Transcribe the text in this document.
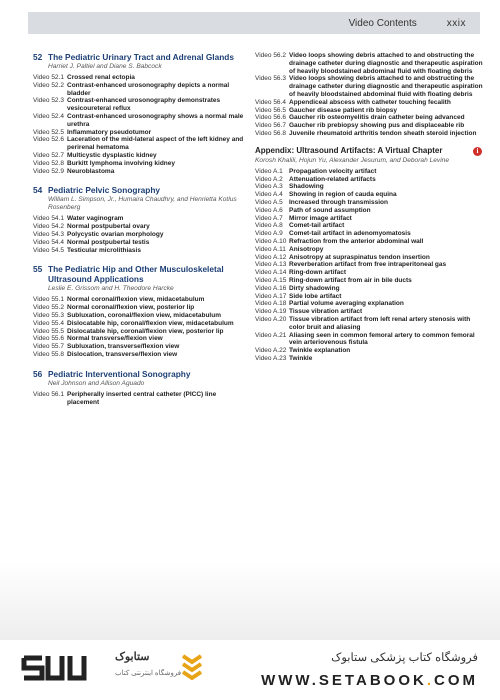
Video Contents	xxix
52 The Pediatric Urinary Tract and Adrenal Glands
Harriet J. Paltiel and Diane S. Babcock
Video 52.1 Crossed renal ectopia
Video 52.2 Contrast-enhanced urosonography depicts a normal bladder
Video 52.3 Contrast-enhanced urosonography demonstrates vesicoureteral reflux
Video 52.4 Contrast-enhanced urosonography shows a normal male urethra
Video 52.5 Inflammatory pseudotumor
Video 52.6 Laceration of the mid-lateral aspect of the left kidney and perirenal hematoma
Video 52.7 Multicystic dysplastic kidney
Video 52.8 Burkitt lymphoma involving kidney
Video 52.9 Neuroblastoma
54 Pediatric Pelvic Sonography
William L. Simpson, Jr., Humaira Chaudhry, and Henrietta Kotlus Rosenberg
Video 54.1 Water vaginogram
Video 54.2 Normal postpubertal ovary
Video 54.3 Polycystic ovarian morphology
Video 54.4 Normal postpubertal testis
Video 54.5 Testicular microlithiasis
55 The Pediatric Hip and Other Musculoskeletal Ultrasound Applications
Leslie E. Grissom and H. Theodore Harcke
Video 55.1 Normal coronal/flexion view, midacetabulum
Video 55.2 Normal coronal/flexion view, posterior lip
Video 55.3 Subluxation, coronal/flexion view, midacetabulum
Video 55.4 Dislocatable hip, coronal/flexion view, midacetabulum
Video 55.5 Dislocatable hip, coronal/flexion view, posterior lip
Video 55.6 Normal transverse/flexion view
Video 55.7 Subluxation, transverse/flexion view
Video 55.8 Dislocation, transverse/flexion view
56 Pediatric Interventional Sonography
Neil Johnson and Allison Aguado
Video 56.1 Peripherally inserted central catheter (PICC) line placement
Video 56.2 Video loops showing debris attached to and obstructing the drainage catheter during diagnostic and therapeutic aspiration of heavily bloodstained abdominal fluid with floating debris
Video 56.3 Video loops showing debris attached to and obstructing the drainage catheter during diagnostic and therapeutic aspiration of heavily bloodstained abdominal fluid with floating debris
Video 56.4 Appendiceal abscess with catheter touching fecalith
Video 56.5 Gaucher disease patient rib biopsy
Video 56.6 Gaucher rib osteomyelitis drain catheter being advanced
Video 56.7 Gaucher rib prebiopsy showing pus and displaceable rib
Video 56.8 Juvenile rheumatoid arthritis tendon sheath steroid injection
Appendix: Ultrasound Artifacts: A Virtual Chapter	i
Korosh Khalili, Hojun Yu, Alexander Jesurum, and Deborah Levine
Video A.1 Propagation velocity artifact
Video A.2 Attenuation-related artifacts
Video A.3 Shadowing
Video A.4 Showing in region of cauda equina
Video A.5 Increased through transmission
Video A.6 Path of sound assumption
Video A.7 Mirror image artifact
Video A.8 Comet-tail artifact
Video A.9 Comet-tail artifact in adenomyomatosis
Video A.10 Refraction from the anterior abdominal wall
Video A.11 Anisotropy
Video A.12 Anisotropy at supraspinatus tendon insertion
Video A.13 Reverberation artifact from free intraperitoneal gas
Video A.14 Ring-down artifact
Video A.15 Ring-down artifact from air in bile ducts
Video A.16 Dirty shadowing
Video A.17 Side lobe artifact
Video A.18 Partial volume averaging explanation
Video A.19 Tissue vibration artifact
Video A.20 Tissue vibration artifact from left renal artery stenosis with color bruit and aliasing
Video A.21 Aliasing seen in common femoral artery to common femoral vein arteriovenous fistula
Video A.22 Twinkle explanation
Video A.23 Twinkle
ستابوک
فروشگاه اینترنتی کتاب
فروشگاه کتاب پزشکی ستابوک
WWW.SETABOOK.COM
